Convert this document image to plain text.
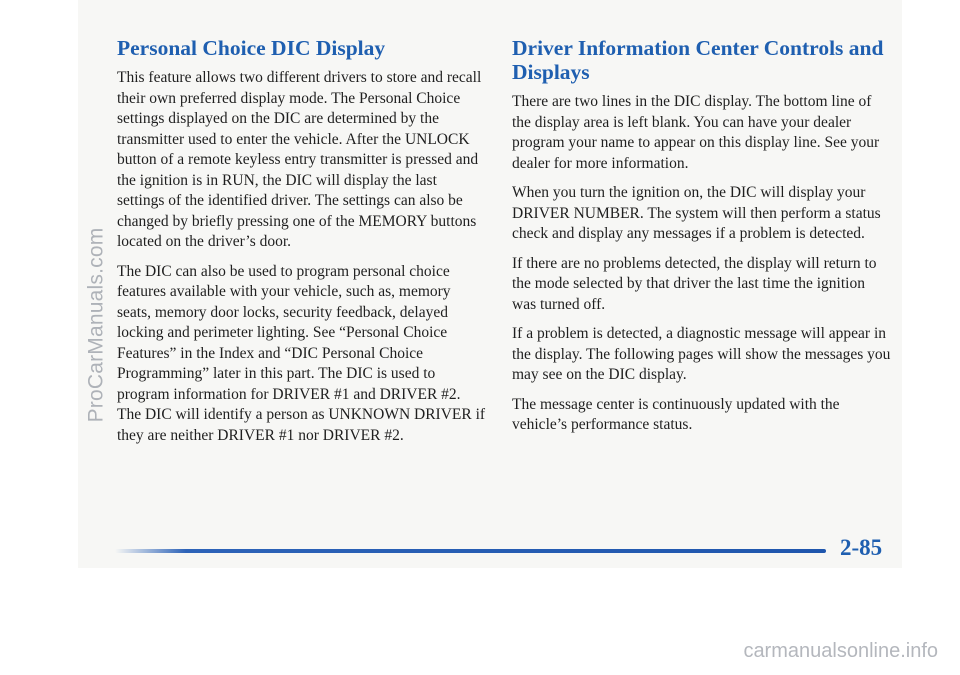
Personal Choice DIC Display

This feature allows two different drivers to store and recall their own preferred display mode. The Personal Choice settings displayed on the DIC are determined by the transmitter used to enter the vehicle. After the UNLOCK button of a remote keyless entry transmitter is pressed and the ignition is in RUN, the DIC will display the last settings of the identified driver. The settings can also be changed by briefly pressing one of the MEMORY buttons located on the driver’s door.

The DIC can also be used to program personal choice features available with your vehicle, such as, memory seats, memory door locks, security feedback, delayed locking and perimeter lighting. See “Personal Choice Features” in the Index and “DIC Personal Choice Programming” later in this part. The DIC is used to program information for DRIVER #1 and DRIVER #2. The DIC will identify a person as UNKNOWN DRIVER if they are neither DRIVER #1 nor DRIVER #2.

Driver Information Center Controls and Displays

There are two lines in the DIC display. The bottom line of the display area is left blank. You can have your dealer program your name to appear on this display line. See your dealer for more information.

When you turn the ignition on, the DIC will display your DRIVER NUMBER. The system will then perform a status check and display any messages if a problem is detected.

If there are no problems detected, the display will return to the mode selected by that driver the last time the ignition was turned off.

If a problem is detected, a diagnostic message will appear in the display. The following pages will show the messages you may see on the DIC display.

The message center is continuously updated with the vehicle’s performance status.

ProCarManuals.com
2-85
carmanualsonline.info
